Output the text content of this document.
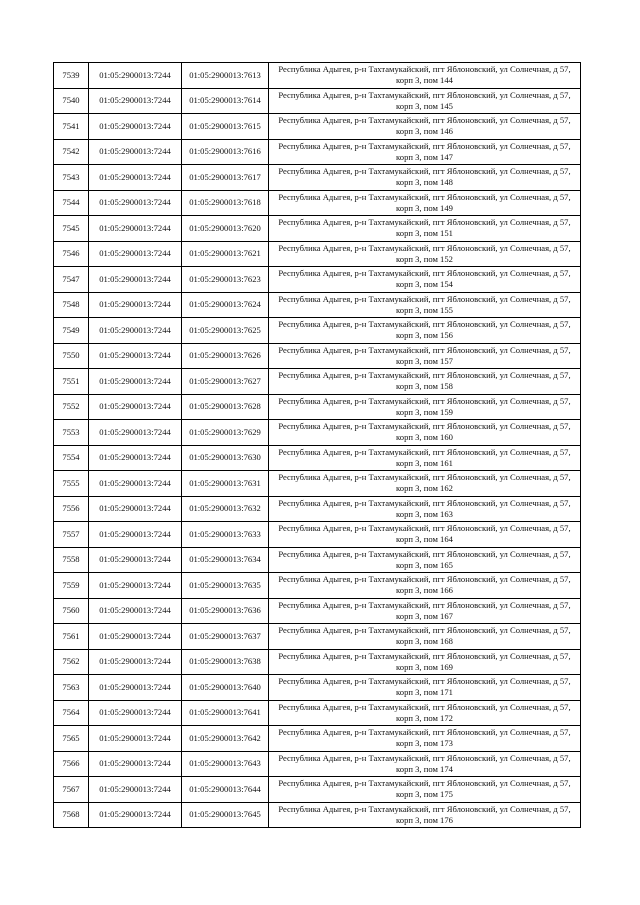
7539	01:05:2900013:7244	01:05:2900013:7613	Республика Адыгея, р-н Тахтамукайский, пгт Яблоновский, ул Солнечная, д 57, корп 3, пом 144

7540	01:05:2900013:7244	01:05:2900013:7614	Республика Адыгея, р-н Тахтамукайский, пгт Яблоновский, ул Солнечная, д 57, корп 3, пом 145

7541	01:05:2900013:7244	01:05:2900013:7615	Республика Адыгея, р-н Тахтамукайский, пгт Яблоновский, ул Солнечная, д 57, корп 3, пом 146

7542	01:05:2900013:7244	01:05:2900013:7616	Республика Адыгея, р-н Тахтамукайский, пгт Яблоновский, ул Солнечная, д 57, корп 3, пом 147

7543	01:05:2900013:7244	01:05:2900013:7617	Республика Адыгея, р-н Тахтамукайский, пгт Яблоновский, ул Солнечная, д 57, корп 3, пом 148

7544	01:05:2900013:7244	01:05:2900013:7618	Республика Адыгея, р-н Тахтамукайский, пгт Яблоновский, ул Солнечная, д 57, корп 3, пом 149

7545	01:05:2900013:7244	01:05:2900013:7620	Республика Адыгея, р-н Тахтамукайский, пгт Яблоновский, ул Солнечная, д 57, корп 3, пом 151

7546	01:05:2900013:7244	01:05:2900013:7621	Республика Адыгея, р-н Тахтамукайский, пгт Яблоновский, ул Солнечная, д 57, корп 3, пом 152

7547	01:05:2900013:7244	01:05:2900013:7623	Республика Адыгея, р-н Тахтамукайский, пгт Яблоновский, ул Солнечная, д 57, корп 3, пом 154

7548	01:05:2900013:7244	01:05:2900013:7624	Республика Адыгея, р-н Тахтамукайский, пгт Яблоновский, ул Солнечная, д 57, корп 3, пом 155

7549	01:05:2900013:7244	01:05:2900013:7625	Республика Адыгея, р-н Тахтамукайский, пгт Яблоновский, ул Солнечная, д 57, корп 3, пом 156

7550	01:05:2900013:7244	01:05:2900013:7626	Республика Адыгея, р-н Тахтамукайский, пгт Яблоновский, ул Солнечная, д 57, корп 3, пом 157

7551	01:05:2900013:7244	01:05:2900013:7627	Республика Адыгея, р-н Тахтамукайский, пгт Яблоновский, ул Солнечная, д 57, корп 3, пом 158

7552	01:05:2900013:7244	01:05:2900013:7628	Республика Адыгея, р-н Тахтамукайский, пгт Яблоновский, ул Солнечная, д 57, корп 3, пом 159

7553	01:05:2900013:7244	01:05:2900013:7629	Республика Адыгея, р-н Тахтамукайский, пгт Яблоновский, ул Солнечная, д 57, корп 3, пом 160

7554	01:05:2900013:7244	01:05:2900013:7630	Республика Адыгея, р-н Тахтамукайский, пгт Яблоновский, ул Солнечная, д 57, корп 3, пом 161

7555	01:05:2900013:7244	01:05:2900013:7631	Республика Адыгея, р-н Тахтамукайский, пгт Яблоновский, ул Солнечная, д 57, корп 3, пом 162

7556	01:05:2900013:7244	01:05:2900013:7632	Республика Адыгея, р-н Тахтамукайский, пгт Яблоновский, ул Солнечная, д 57, корп 3, пом 163

7557	01:05:2900013:7244	01:05:2900013:7633	Республика Адыгея, р-н Тахтамукайский, пгт Яблоновский, ул Солнечная, д 57, корп 3, пом 164

7558	01:05:2900013:7244	01:05:2900013:7634	Республика Адыгея, р-н Тахтамукайский, пгт Яблоновский, ул Солнечная, д 57, корп 3, пом 165

7559	01:05:2900013:7244	01:05:2900013:7635	Республика Адыгея, р-н Тахтамукайский, пгт Яблоновский, ул Солнечная, д 57, корп 3, пом 166

7560	01:05:2900013:7244	01:05:2900013:7636	Республика Адыгея, р-н Тахтамукайский, пгт Яблоновский, ул Солнечная, д 57, корп 3, пом 167

7561	01:05:2900013:7244	01:05:2900013:7637	Республика Адыгея, р-н Тахтамукайский, пгт Яблоновский, ул Солнечная, д 57, корп 3, пом 168

7562	01:05:2900013:7244	01:05:2900013:7638	Республика Адыгея, р-н Тахтамукайский, пгт Яблоновский, ул Солнечная, д 57, корп 3, пом 169

7563	01:05:2900013:7244	01:05:2900013:7640	Республика Адыгея, р-н Тахтамукайский, пгт Яблоновский, ул Солнечная, д 57, корп 3, пом 171

7564	01:05:2900013:7244	01:05:2900013:7641	Республика Адыгея, р-н Тахтамукайский, пгт Яблоновский, ул Солнечная, д 57, корп 3, пом 172

7565	01:05:2900013:7244	01:05:2900013:7642	Республика Адыгея, р-н Тахтамукайский, пгт Яблоновский, ул Солнечная, д 57, корп 3, пом 173

7566	01:05:2900013:7244	01:05:2900013:7643	Республика Адыгея, р-н Тахтамукайский, пгт Яблоновский, ул Солнечная, д 57, корп 3, пом 174

7567	01:05:2900013:7244	01:05:2900013:7644	Республика Адыгея, р-н Тахтамукайский, пгт Яблоновский, ул Солнечная, д 57, корп 3, пом 175

7568	01:05:2900013:7244	01:05:2900013:7645	Республика Адыгея, р-н Тахтамукайский, пгт Яблоновский, ул Солнечная, д 57, корп 3, пом 176
